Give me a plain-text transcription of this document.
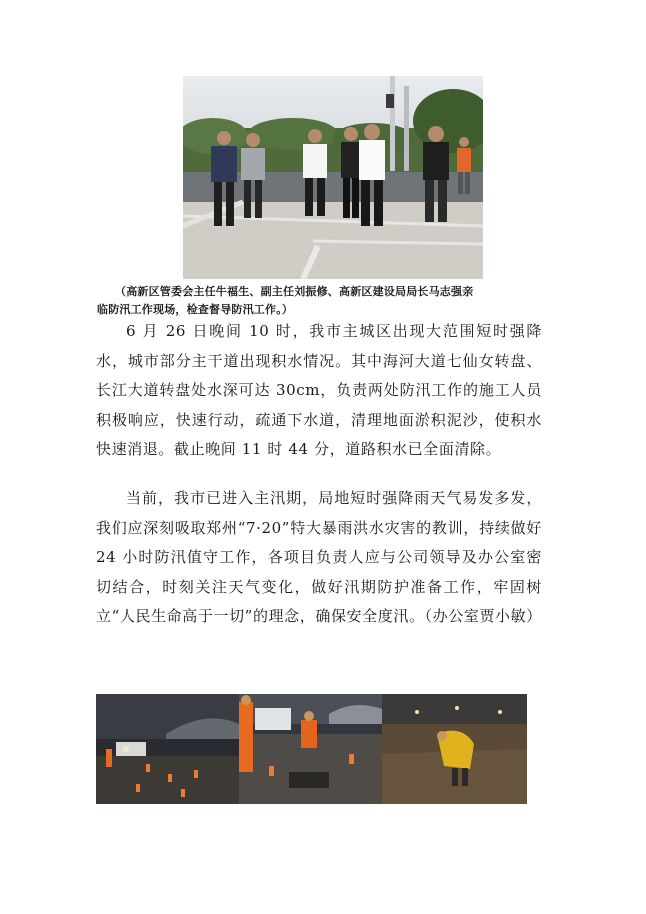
（高新区管委会主任牛福生、副主任刘振修、高新区建设局局长马志强亲
临防汛工作现场，检查督导防汛工作。）

6 月 26 日晚间 10 时，我市主城区出现大范围短时强降水，城市部分主干道出现积水情况。其中海河大道七仙女转盘、长江大道转盘处水深可达 30cm，负责两处防汛工作的施工人员积极响应，快速行动，疏通下水道，清理地面淤积泥沙，使积水快速消退。截止晚间 11 时 44 分，道路积水已全面清除。

当前，我市已进入主汛期，局地短时强降雨天气易发多发，我们应深刻吸取郑州“7·20”特大暴雨洪水灾害的教训，持续做好 24 小时防汛值守工作，各项目负责人应与公司领导及办公室密切结合，时刻关注天气变化，做好汛期防护准备工作，牢固树立“人民生命高于一切”的理念，确保安全度汛。（办公室贾小敏）
